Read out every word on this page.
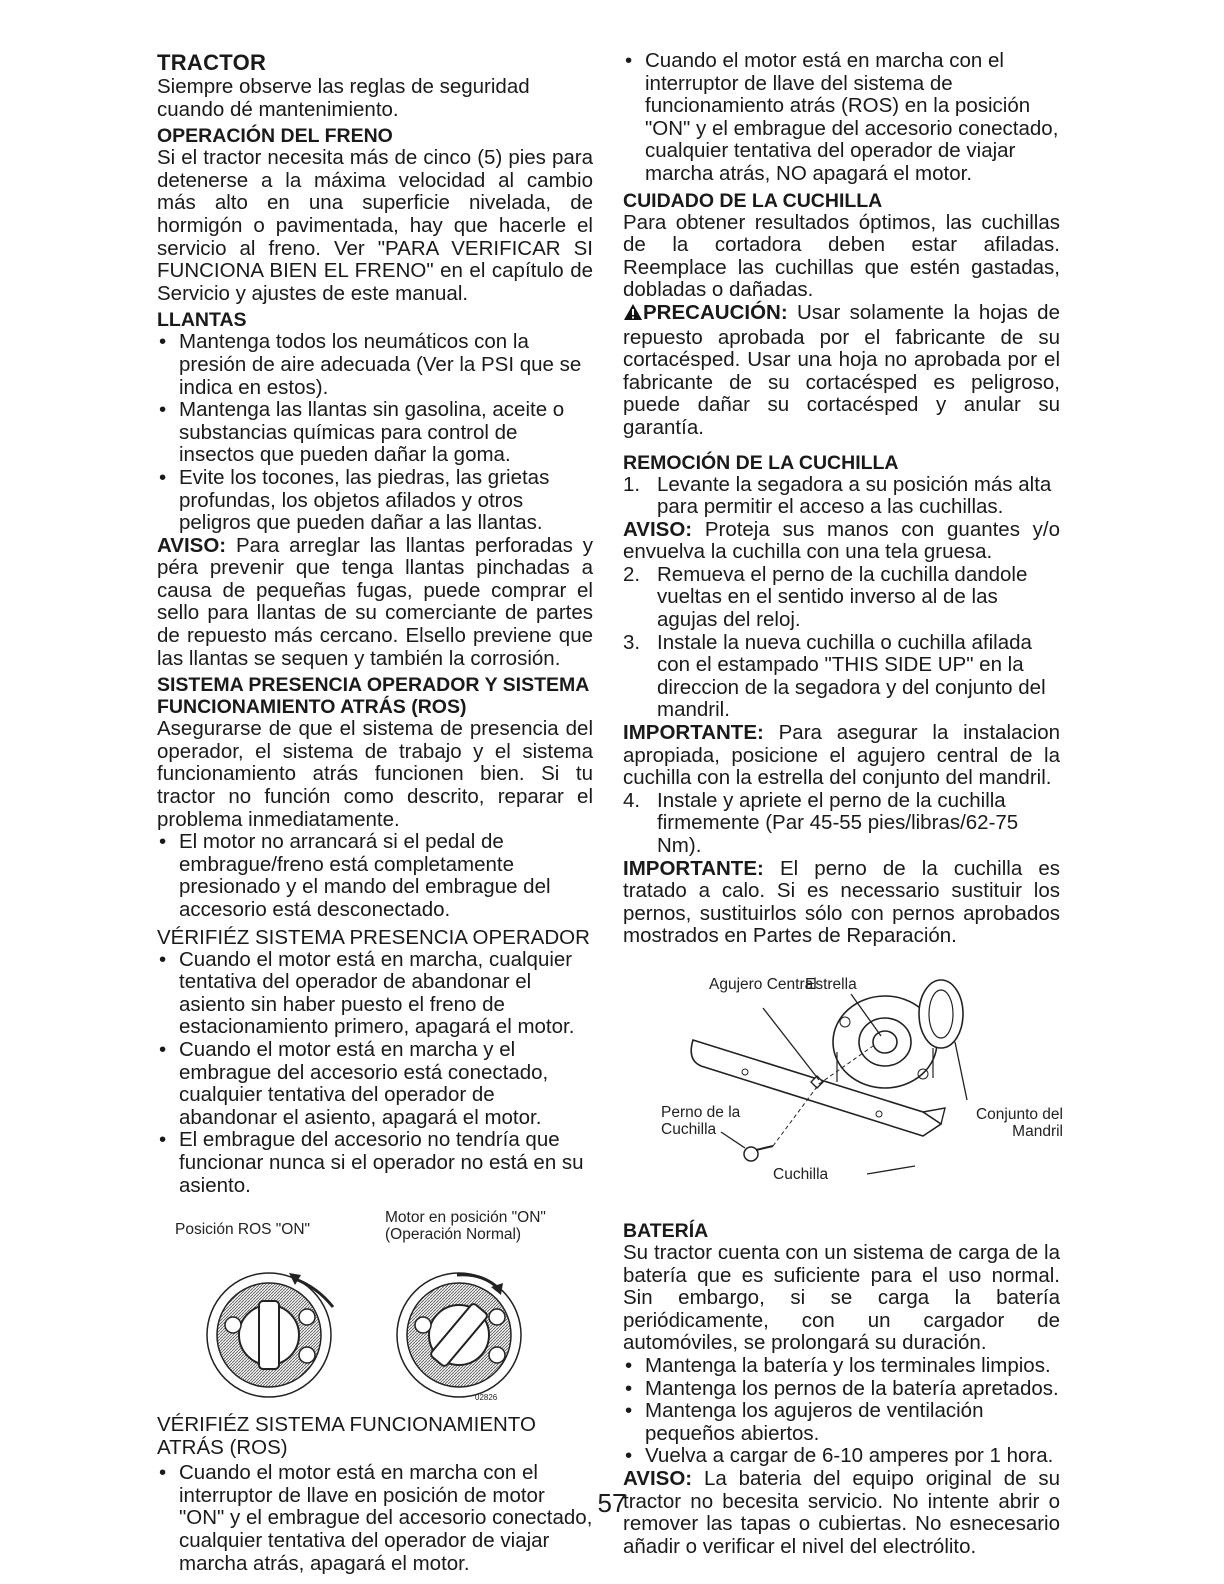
TRACTOR

Siempre observe las reglas de seguridad cuando dé mantenimiento.

OPERACIÓN DEL FRENO

Si el tractor necesita más de cinco (5) pies para detenerse a la máxima velocidad al cambio más alto en una superficie nivelada, de hormigón o pavimentada, hay que hacerle el servicio al freno. Ver "PARA VERIFICAR SI FUNCIONA BIEN EL FRENO" en el capítulo de Servicio y ajustes de este manual.

LLANTAS

• Mantenga todos los neumáticos con la presión de aire adecuada (Ver la PSI que se indica en estos).
• Mantenga las llantas sin gasolina, aceite o substancias químicas para control de insectos que pueden dañar la goma.
• Evite los tocones, las piedras, las grietas profundas, los objetos afilados y otros peligros que pueden dañar a las llantas.

AVISO: Para arreglar las llantas perforadas y péra prevenir que tenga llantas pinchadas a causa de pequeñas fugas, puede comprar el sello para llantas de su comerciante de partes de repuesto más cercano. Elsello previene que las llantas se sequen y también la corrosión.

SISTEMA PRESENCIA OPERADOR Y SISTEMA FUNCIONAMIENTO ATRÁS (ROS)

Asegurarse de que el sistema de presencia del operador, el sistema de trabajo y el sistema funcionamiento atrás funcionen bien. Si tu tractor no función como descrito, reparar el problema inmediatamente.

• El motor no arrancará si el pedal de embrague/freno está completamente presionado y el mando del embrague del accesorio está desconectado.

VÉRIFIÉZ SISTEMA PRESENCIA OPERADOR

• Cuando el motor está en marcha, cualquier tentativa del operador de abandonar el asiento sin haber puesto el freno de estacionamiento primero, apagará el motor.
• Cuando el motor está en marcha y el embrague del accesorio está conectado, cualquier tentativa del operador de abandonar el asiento, apagará el motor.
• El embrague del accesorio no tendría que funcionar nunca si el operador no está en su asiento.
Posición ROS "ON"
Motor en posición "ON" (Operación Normal)
02826

VÉRIFIÉZ SISTEMA FUNCIONAMIENTO ATRÁS (ROS)

• Cuando el motor está en marcha con el interruptor de llave en posición de motor "ON" y el embrague del accesorio conectado, cualquier tentativa del operador de viajar marcha atrás, apagará el motor.
• Cuando el motor está en marcha con el interruptor de llave del sistema de funcionamiento atrás (ROS) en la posición "ON" y el embrague del accesorio conectado, cualquier tentativa del operador de viajar marcha atrás, NO apagará el motor.

CUIDADO DE LA CUCHILLA

Para obtener resultados óptimos, las cuchillas de la cortadora deben estar afiladas. Reemplace las cuchillas que estén gastadas, dobladas o dañadas.

PRECAUCIÓN: Usar solamente la hojas de repuesto aprobada por el fabricante de su cortacésped. Usar una hoja no aprobada por el fabricante de su cortacésped es peligroso, puede dañar su cortacésped y anular su garantía.

REMOCIÓN DE LA CUCHILLA

1. Levante la segadora a su posición más alta para permitir el acceso a las cuchillas.

AVISO: Proteja sus manos con guantes y/o envuelva la cuchilla con una tela gruesa.

2. Remueva el perno de la cuchilla dandole vueltas en el sentido inverso al de las agujas del reloj.
3. Instale la nueva cuchilla o cuchilla afilada con el estampado "THIS SIDE UP" en la direccion de la segadora y del conjunto del mandril.

IMPORTANTE: Para asegurar la instalacion apropiada, posicione el agujero central de la cuchilla con la estrella del conjunto del mandril.

4. Instale y apriete el perno de la cuchilla firmemente (Par 45-55 pies/libras/62-75 Nm).

IMPORTANTE: El perno de la cuchilla es tratado a calo. Si es necessario sustituir los pernos, sustituirlos sólo con pernos aprobados mostrados en Partes de Reparación.

Agujero Central
Estrella
Perno de la Cuchilla
Conjunto del Mandril
Cuchilla

BATERÍA

Su tractor cuenta con un sistema de carga de la batería que es suficiente para el uso normal. Sin embargo, si se carga la batería periódicamente, con un cargador de automóviles, se prolongará su duración.

• Mantenga la batería y los terminales limpios.
• Mantenga los pernos de la batería apretados.
• Mantenga los agujeros de ventilación pequeños abiertos.
• Vuelva a cargar de 6-10 amperes por 1 hora.

AVISO: La bateria del equipo original de su tractor no becesita servicio. No intente abrir o remover las tapas o cubiertas. No esnecesario añadir o verificar el nivel del electrólito.

57
